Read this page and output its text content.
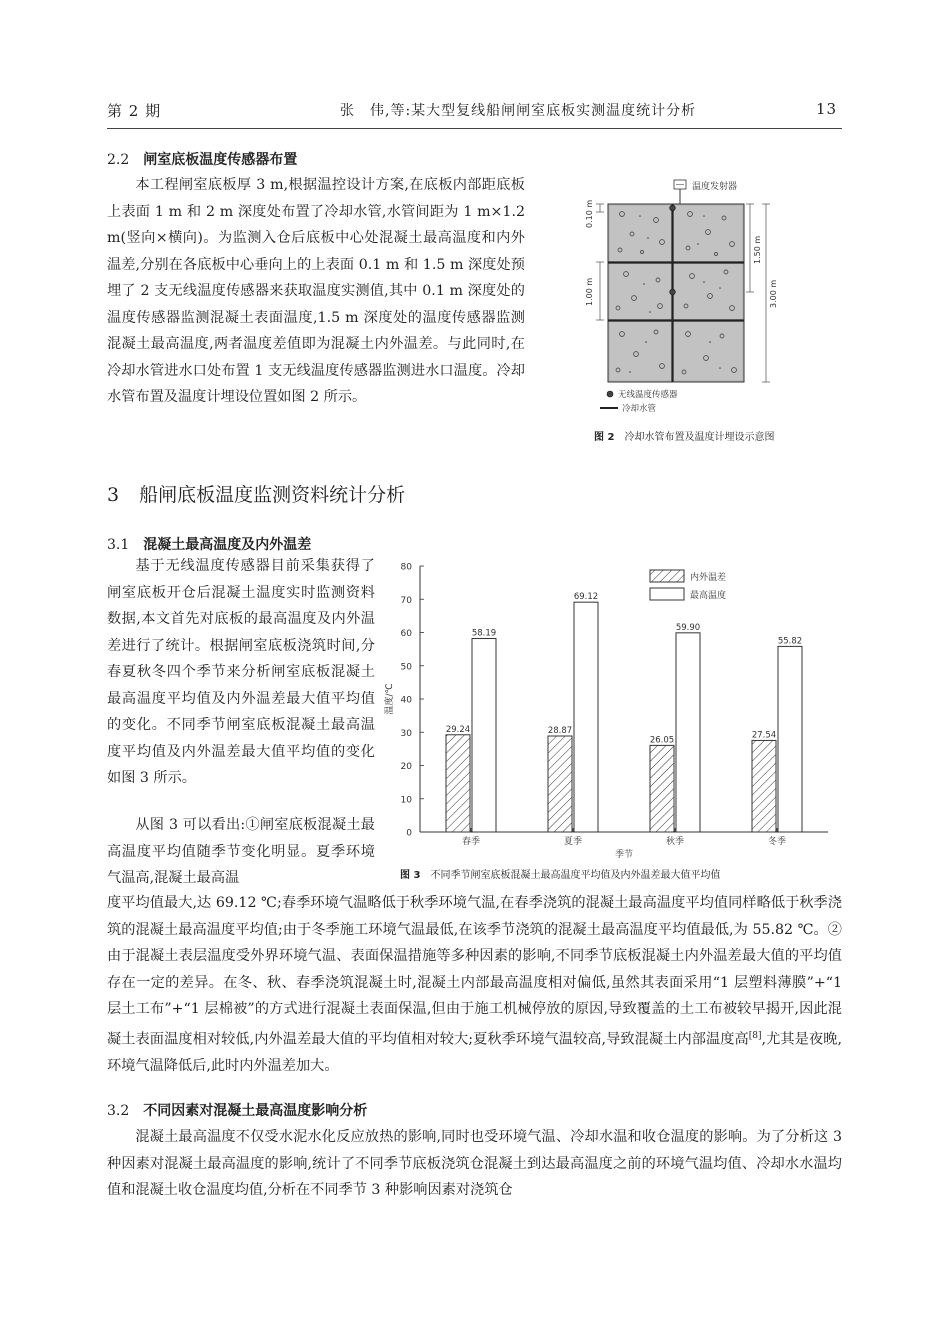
第 2 期	张　伟,等:某大型复线船闸闸室底板实测温度统计分析	13
2.2 闸室底板温度传感器布置
本工程闸室底板厚 3 m,根据温控设计方案,在底板内部距底板上表面 1 m 和 2 m 深度处布置了冷却水管,水管间距为 1 m×1.2 m(竖向×横向)。为监测入仓后底板中心处混凝土最高温度和内外温差,分别在各底板中心垂向上的上表面 0.1 m 和 1.5 m 深度处预埋了 2 支无线温度传感器来获取温度实测值,其中 0.1 m 深度处的温度传感器监测混凝土表面温度,1.5 m 深度处的温度传感器监测混凝土最高温度,两者温度差值即为混凝土内外温差。与此同时,在冷却水管进水口处布置 1 支无线温度传感器监测进水口温度。冷却水管布置及温度计埋设位置如图 2 所示。
温度发射器
0.10 m
1.00 m
1.50 m
3.00 m
无线温度传感器
冷却水管
图 2 冷却水管布置及温度计埋设示意图
3 船闸底板温度监测资料统计分析
3.1 混凝土最高温度及内外温差
基于无线温度传感器目前采集获得了闸室底板开仓后混凝土温度实时监测资料数据,本文首先对底板的最高温度及内外温差进行了统计。根据闸室底板浇筑时间,分春夏秋冬四个季节来分析闸室底板混凝土最高温度平均值及内外温差最大值平均值的变化。不同季节闸室底板混凝土最高温度平均值及内外温差最大值平均值的变化如图 3 所示。
从图 3 可以看出:①闸室底板混凝土最高温度平均值随季节变化明显。夏季环境气温高,混凝土最高温
度平均值最大,达 69.12 ℃;春季环境气温略低于秋季环境气温,在春季浇筑的混凝土最高温度平均值同样略低于秋季浇筑的混凝土最高温度平均值;由于冬季施工环境气温最低,在该季节浇筑的混凝土最高温度平均值最低,为 55.82 ℃。②由于混凝土表层温度受外界环境气温、表面保温措施等多种因素的影响,不同季节底板混凝土内外温差最大值的平均值存在一定的差异。在冬、秋、春季浇筑混凝土时,混凝土内部最高温度相对偏低,虽然其表面采用“1 层塑料薄膜”+“1 层土工布”+“1 层棉被”的方式进行混凝土表面保温,但由于施工机械停放的原因,导致覆盖的土工布被较早揭开,因此混凝土表面温度相对较低,内外温差最大值的平均值相对较大;夏秋季环境气温较高,导致混凝土内部温度高[8],尤其是夜晚,环境气温降低后,此时内外温差加大。
0
10
20
30
40
50
60
70
80
温度/℃
季节
春季	夏季	秋季	冬季
29.24
58.19
28.87
69.12
26.05
59.90
27.54
55.82
内外温差
最高温度
图 3 不同季节闸室底板混凝土最高温度平均值及内外温差最大值平均值
3.2 不同因素对混凝土最高温度影响分析
混凝土最高温度不仅受水泥水化反应放热的影响,同时也受环境气温、冷却水温和收仓温度的影响。为了分析这 3 种因素对混凝土最高温度的影响,统计了不同季节底板浇筑仓混凝土到达最高温度之前的环境气温均值、冷却水水温均值和混凝土收仓温度均值,分析在不同季节 3 种影响因素对浇筑仓
